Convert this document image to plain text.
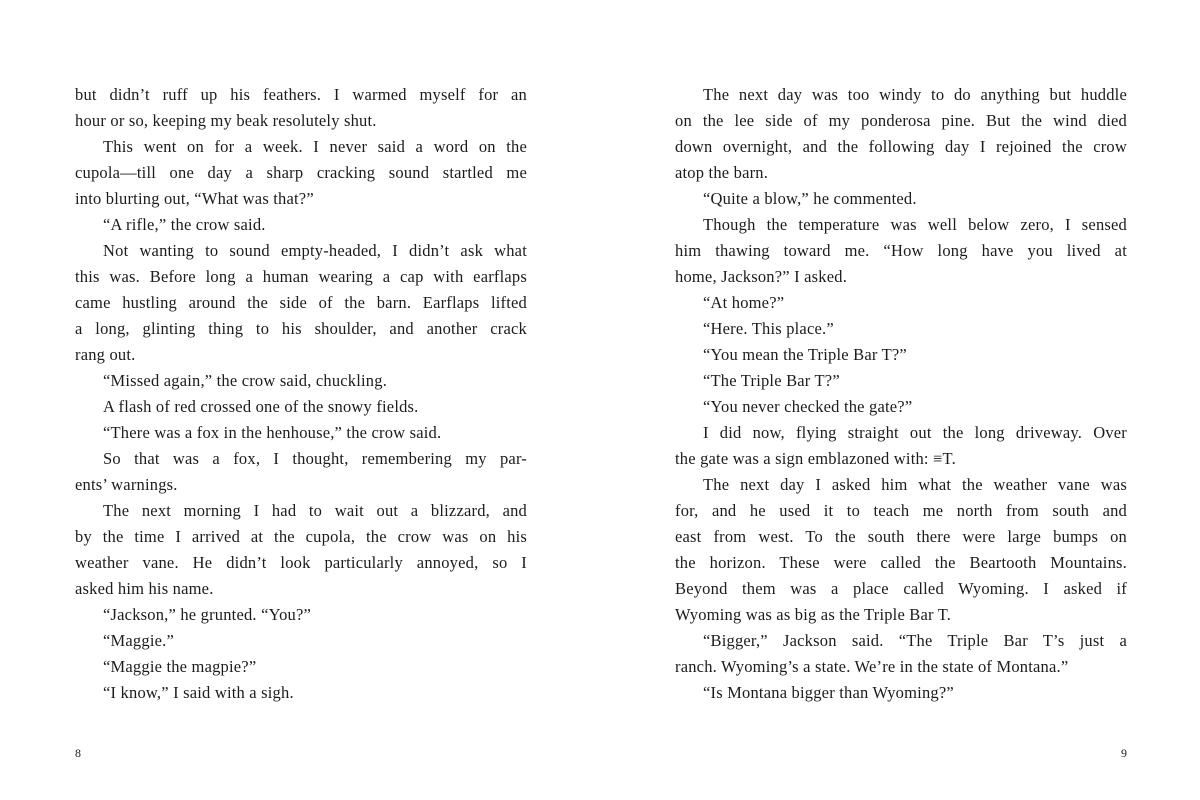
but didn’t ruff up his feathers. I warmed myself for an
hour or so, keeping my beak resolutely shut.
This went on for a week. I never said a word on the
cupola—till one day a sharp cracking sound startled me
into blurting out, “What was that?”
“A rifle,” the crow said.
Not wanting to sound empty-headed, I didn’t ask what
this was. Before long a human wearing a cap with earflaps
came hustling around the side of the barn. Earflaps lifted
a long, glinting thing to his shoulder, and another crack
rang out.
“Missed again,” the crow said, chuckling.
A flash of red crossed one of the snowy fields.
“There was a fox in the henhouse,” the crow said.
So that was a fox, I thought, remembering my par-
ents’ warnings.
The next morning I had to wait out a blizzard, and
by the time I arrived at the cupola, the crow was on his
weather vane. He didn’t look particularly annoyed, so I
asked him his name.
“Jackson,” he grunted. “You?”
“Maggie.”
“Maggie the magpie?”
“I know,” I said with a sigh.
The next day was too windy to do anything but huddle
on the lee side of my ponderosa pine. But the wind died
down overnight, and the following day I rejoined the crow
atop the barn.
“Quite a blow,” he commented.
Though the temperature was well below zero, I sensed
him thawing toward me. “How long have you lived at
home, Jackson?” I asked.
“At home?”
“Here. This place.”
“You mean the Triple Bar T?”
“The Triple Bar T?”
“You never checked the gate?”
I did now, flying straight out the long driveway. Over
the gate was a sign emblazoned with: ≡T.
The next day I asked him what the weather vane was
for, and he used it to teach me north from south and
east from west. To the south there were large bumps on
the horizon. These were called the Beartooth Mountains.
Beyond them was a place called Wyoming. I asked if
Wyoming was as big as the Triple Bar T.
“Bigger,” Jackson said. “The Triple Bar T’s just a
ranch. Wyoming’s a state. We’re in the state of Montana.”
“Is Montana bigger than Wyoming?”
8	9
